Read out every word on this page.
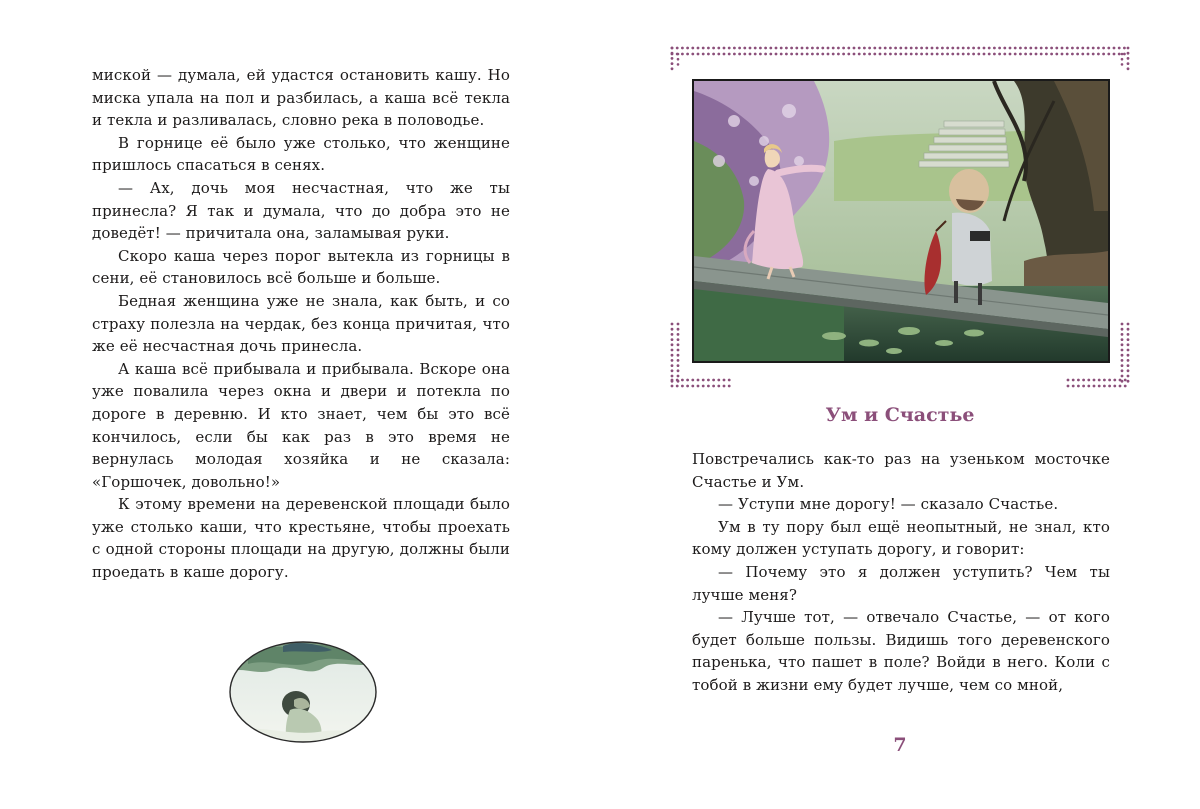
миской — думала, ей удастся остановить кашу. Но миска упала на пол и разбилась, а каша всё текла и текла и разливалась, словно река в половодье.

В горнице её было уже столько, что женщине пришлось спасаться в сенях.

— Ах, дочь моя несчастная, что же ты принесла? Я так и думала, что до добра это не доведёт! — причитала она, заламывая руки.

Скоро каша через порог вытекла из горницы в сени, её становилось всё больше и больше.

Бедная женщина уже не знала, как быть, и со страху полезла на чердак, без конца причитая, что же её несчастная дочь принесла.

А каша всё прибывала и прибывала. Вскоре она уже повалила через окна и двери и потекла по дороге в деревню. И кто знает, чем бы это всё кончилось, если бы как раз в это время не вернулась молодая хозяйка и не сказала: «Горшочек, довольно!»

К этому времени на деревенской площади было уже столько каши, что крестьяне, чтобы проехать с одной стороны площади на другую, должны были проедать в каше дорогу.

Ум и Счастье

Повстречались как-то раз на узеньком мосточке Счастье и Ум.

— Уступи мне дорогу! — сказало Счастье.

Ум в ту пору был ещё неопытный, не знал, кто кому должен уступать дорогу, и говорит:

— Почему это я должен уступить? Чем ты лучше меня?

— Лучше тот, — отвечало Счастье, — от кого будет больше пользы. Видишь того деревенского паренька, что пашет в поле? Войди в него. Коли с тобой в жизни ему будет лучше, чем со мной,

7
